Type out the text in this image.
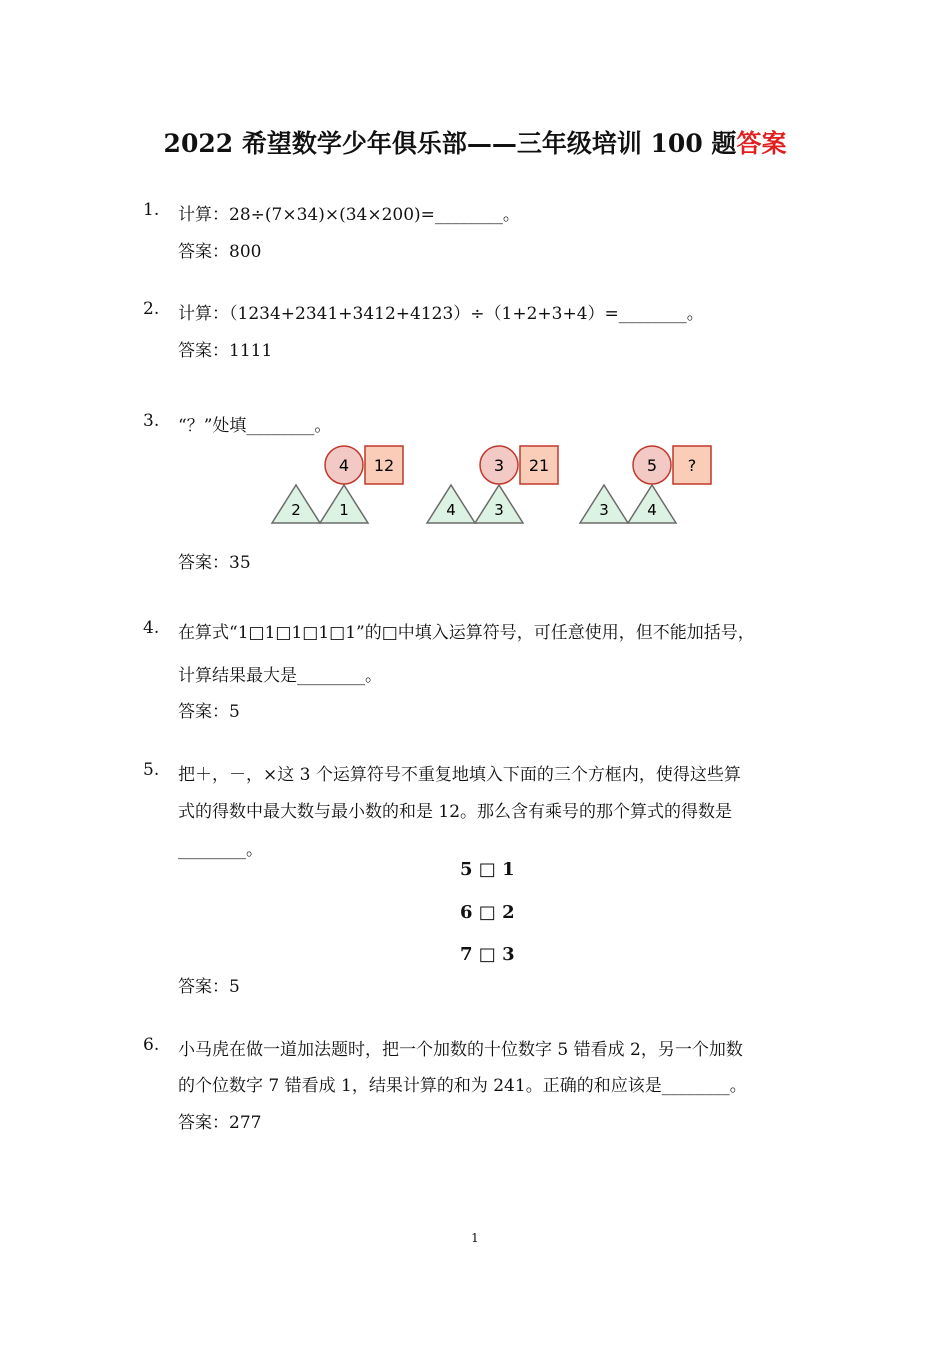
2022 希望数学少年俱乐部——三年级培训 100 题答案
1. 计算：28÷(7×34)×(34×200)=________。
答案：800
2. 计算：（1234+2341+3412+4123）÷（1+2+3+4）=________。
答案：1111
3. “？”处填________。
2	1
4 12
4	3
3 21
3	4
5 ?
答案：35
4. 在算式“1□1□1□1□1”的□中填入运算符号，可任意使用，但不能加括号，
计算结果最大是________。
答案：5
5. 把＋，－，×这 3 个运算符号不重复地填入下面的三个方框内，使得这些算
式的得数中最大数与最小数的和是 12。那么含有乘号的那个算式的得数是
________。
5 □ 1
6 □ 2
7 □ 3
答案：5
6. 小马虎在做一道加法题时，把一个加数的十位数字 5 错看成 2，另一个加数
的个位数字 7 错看成 1，结果计算的和为 241。正确的和应该是________。
答案：277
1
